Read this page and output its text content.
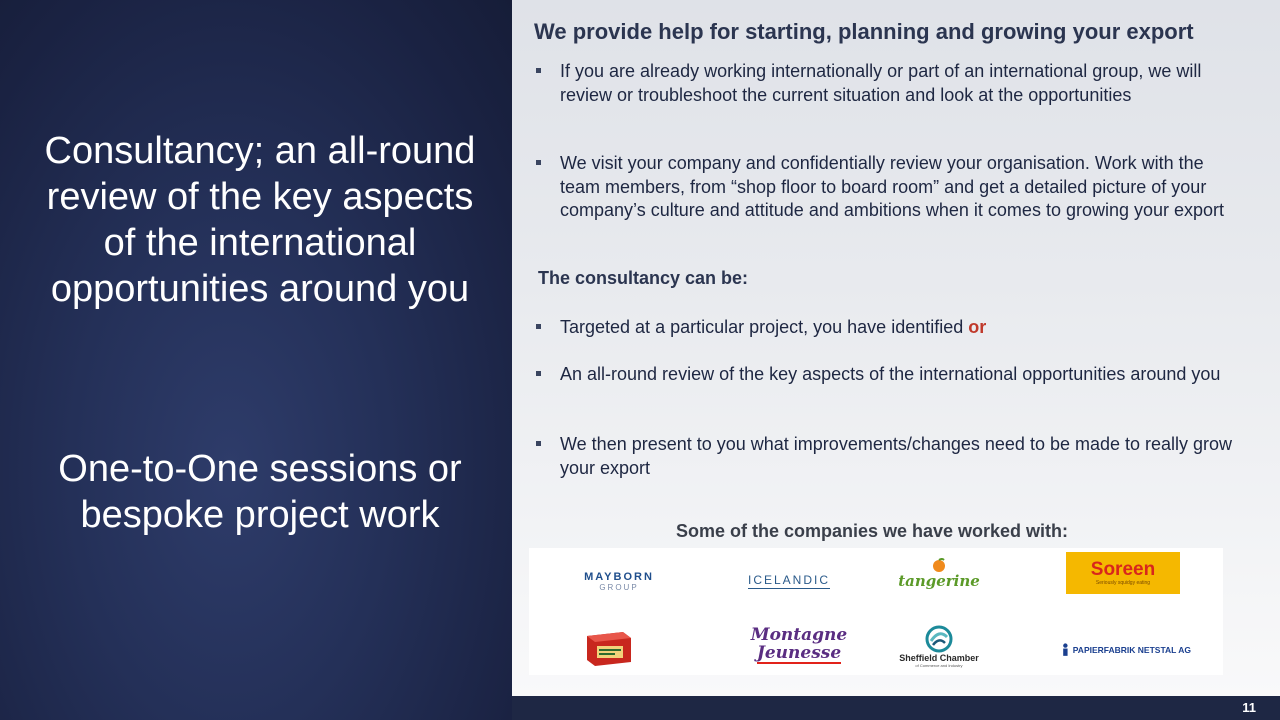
Consultancy; an all-round review of the key aspects of the international opportunities around you
One-to-One sessions or bespoke project work
We provide help for starting, planning and growing your export
If you are already working internationally or part of an international group, we will review or troubleshoot the current situation and look at the opportunities
We visit your company and confidentially review your organisation. Work with the team members, from “shop floor to board room” and get a detailed picture of your company’s culture and attitude and ambitions when it comes to growing your export
The consultancy can be:
Targeted at a particular project, you have identified or
An all-round review of the key aspects of the international opportunities around you
We then present to you what improvements/changes need to be made to really grow your export
Some of the companies we have worked with:
MAYBORN
GROUP	ICELANDIC	tangerine
Soreen
Seriously squidgy eating
Montagne
Jeunesse	Sheffield Chamber
of Commerce and Industry
PAPIERFABRIK NETSTAL AG
11
